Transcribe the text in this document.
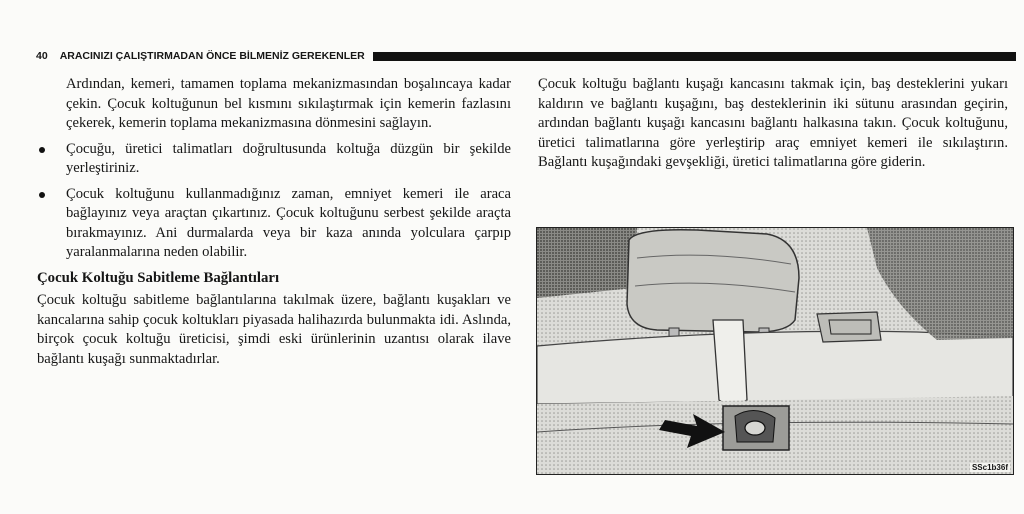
40 ARACINIZI ÇALIŞTIRMADAN ÖNCE BİLMENİZ GEREKENLER

Ardından, kemeri, tamamen toplama mekanizmasından boşalıncaya kadar çekin. Çocuk koltuğunun bel kısmını sıkılaştırmak için kemerin fazlasını çekerek, kemerin toplama mekanizmasına dönmesini sağlayın.

Çocuğu, üretici talimatları doğrultusunda koltuğa düzgün bir şekilde yerleştiriniz.
Çocuk koltuğunu kullanmadığınız zaman, emniyet kemeri ile araca bağlayınız veya araçtan çıkartınız. Çocuk koltuğunu serbest şekilde araçta bırakmayınız. Ani durmalarda veya bir kaza anında yolculara çarpıp yaralanmalarına neden olabilir.
Çocuk Koltuğu Sabitleme Bağlantıları

Çocuk koltuğu sabitleme bağlantılarına takılmak üzere, bağlantı kuşakları ve kancalarına sahip çocuk koltukları piyasada halihazırda bulunmakta idi. Aslında, birçok çocuk koltuğu üreticisi, şimdi eski ürünlerinin uzantısı olarak ilave bağlantı kuşağı sunmaktadırlar.

Çocuk koltuğu bağlantı kuşağı kancasını takmak için, baş desteklerini yukarı kaldırın ve bağlantı kuşağını, baş desteklerinin iki sütunu arasından geçirin, ardından bağlantı kuşağı kancasını bağlantı halkasına takın. Çocuk koltuğunu, üretici talimatlarına göre yerleştirip araç emniyet kemeri ile sıkılaştırın. Bağlantı kuşağındaki gevşekliği, üretici talimatlarına göre giderin.

SSc1b36f
